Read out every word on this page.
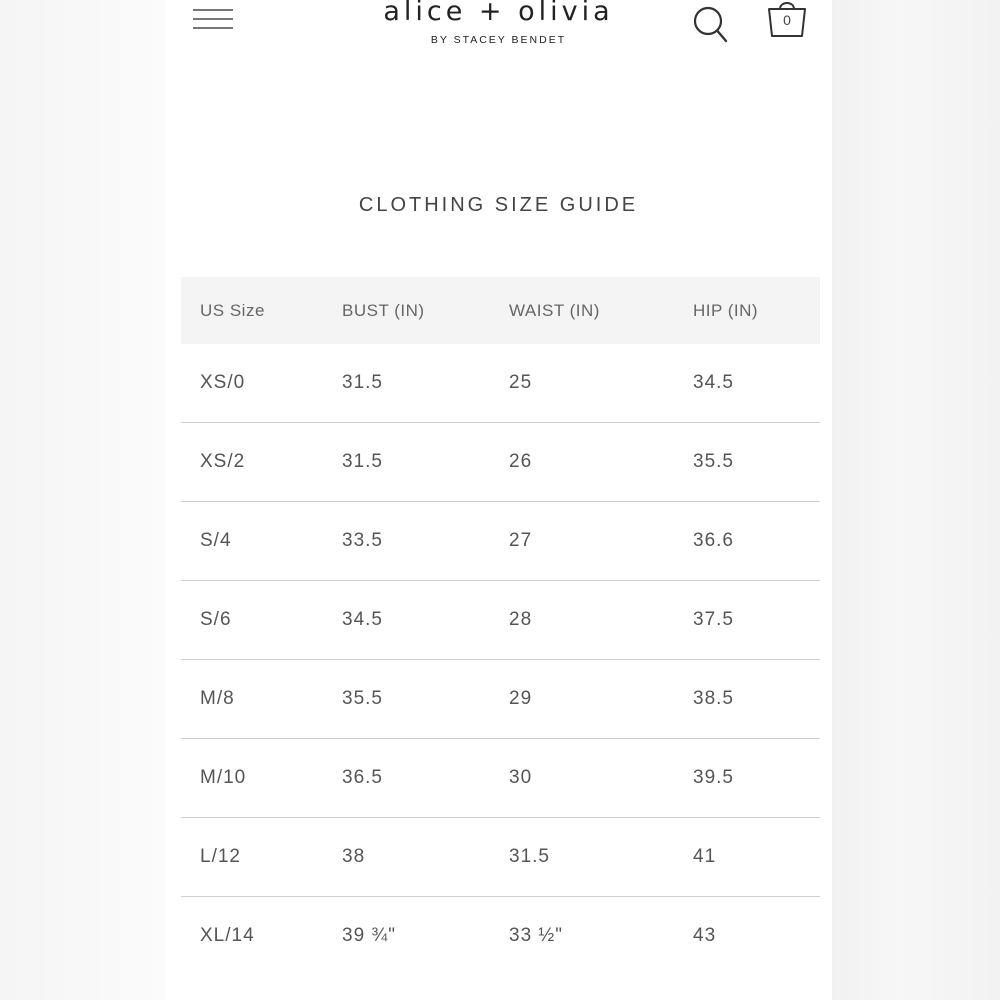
alice + olivia
BY STACEY BENDET
0
CLOTHING SIZE GUIDE
US Size	BUST (IN)	WAIST (IN)	HIP (IN)
XS/0	31.5	25	34.5
XS/2	31.5	26	35.5
S/4	33.5	27	36.6
S/6	34.5	28	37.5
M/8	35.5	29	38.5
M/10	36.5	30	39.5
L/12	38	31.5	41
XL/14	39 ¾"	33 ½"	43
